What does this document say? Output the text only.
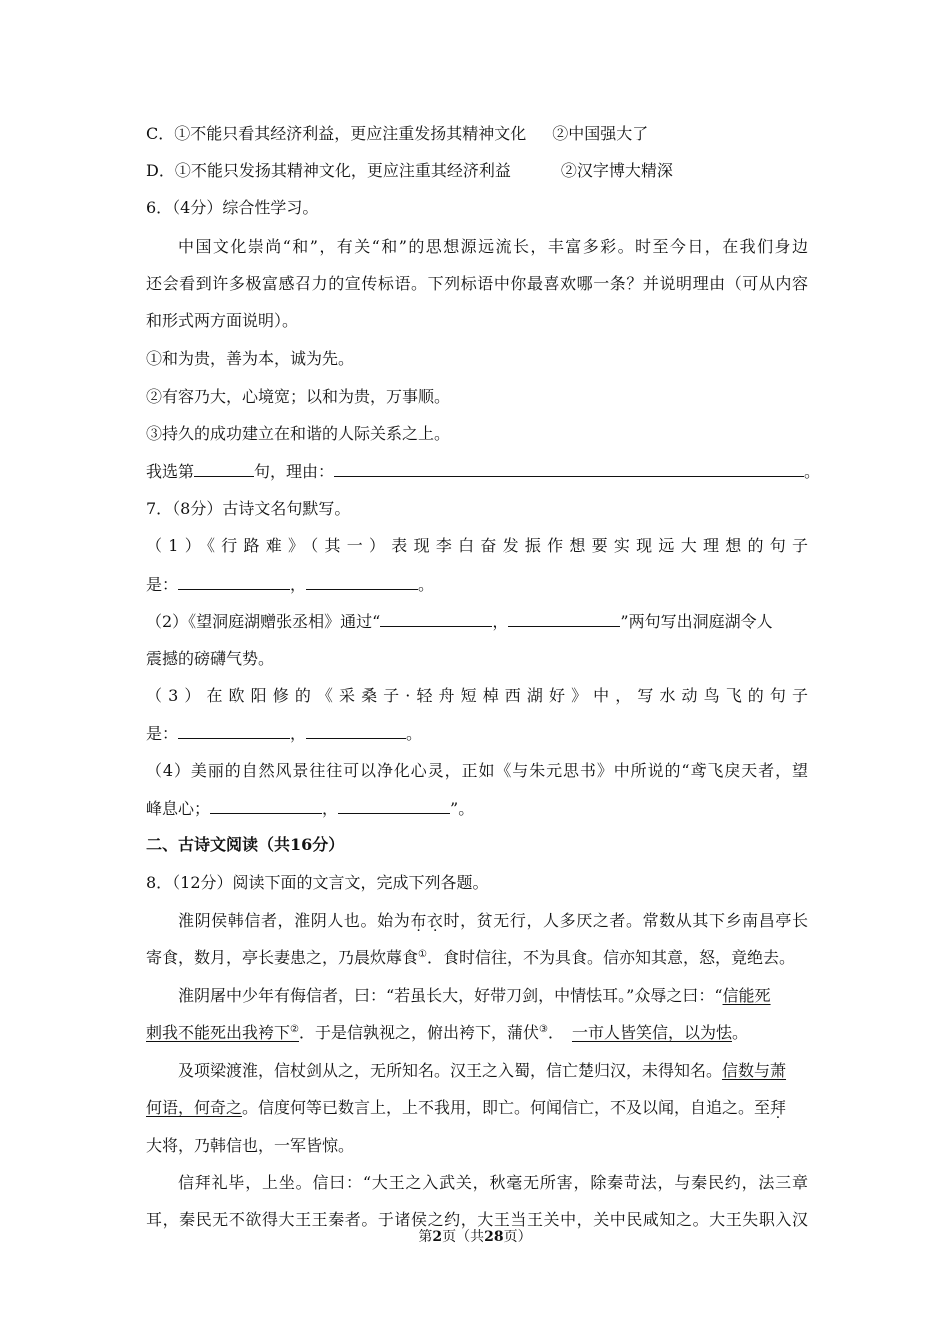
C．①不能只看其经济利益，更应注重发扬其精神文化 ②中国强大了
D．①不能只发扬其精神文化，更应注重其经济利益	②汉字博大精深
6．（4分）综合性学习。
中国文化崇尚“和”，有关“和”的思想源远流长，丰富多彩。时至今日，在我们身边
还会看到许多极富感召力的宣传标语。下列标语中你最喜欢哪一条？并说明理由（可从内容
和形式两方面说明）。
①和为贵，善为本，诚为先。
②有容乃大，心境宽；以和为贵，万事顺。
③持久的成功建立在和谐的人际关系之上。
我选第	句，理由：	。
7．（8分）古诗文名句默写。
（1）《行路难》（其一）表现李白奋发振作想要实现远大理想的句子
是：	，	。
（2）《望洞庭湖赠张丞相》通过“	，	”两句写出洞庭湖令人
震撼的磅礴气势。
（3）在欧阳修的《采桑子·轻舟短棹西湖好》中，写水动鸟飞的句子
是：	，	。
（4）美丽的自然风景往往可以净化心灵，正如《与朱元思书》中所说的“鸢飞戾天者，望
峰息心；	，	”。
二、古诗文阅读（共16分）
8．（12分）阅读下面的文言文，完成下列各题。
淮阴侯韩信者，淮阴人也。始为布衣时，贫无行，人多厌之者。常数从其下乡南昌亭长
寄食，数月，亭长妻患之，乃晨炊蓐食①．食时信往，不为具食。信亦知其意，怒，竟绝去。
淮阴屠中少年有侮信者，曰：“若虽长大，好带刀剑，中情怯耳。”众辱之曰：“信能死
刺我不能死出我袴下②．于是信孰视之，俯出袴下，蒲伏③． 一市人皆笑信，以为怯。
及项梁渡淮，信杖剑从之，无所知名。汉王之入蜀，信亡楚归汉，未得知名。信数与萧
何语，何奇之。信度何等已数言上，上不我用，即亡。何闻信亡，不及以闻，自追之。至拜
大将，乃韩信也，一军皆惊。
信拜礼毕，上坐。信曰：“大王之入武关，秋毫无所害，除秦苛法，与秦民约，法三章
耳，秦民无不欲得大王王秦者。于诸侯之约，大王当王关中，关中民咸知之。大王失职入汉
第2页（共28页）
